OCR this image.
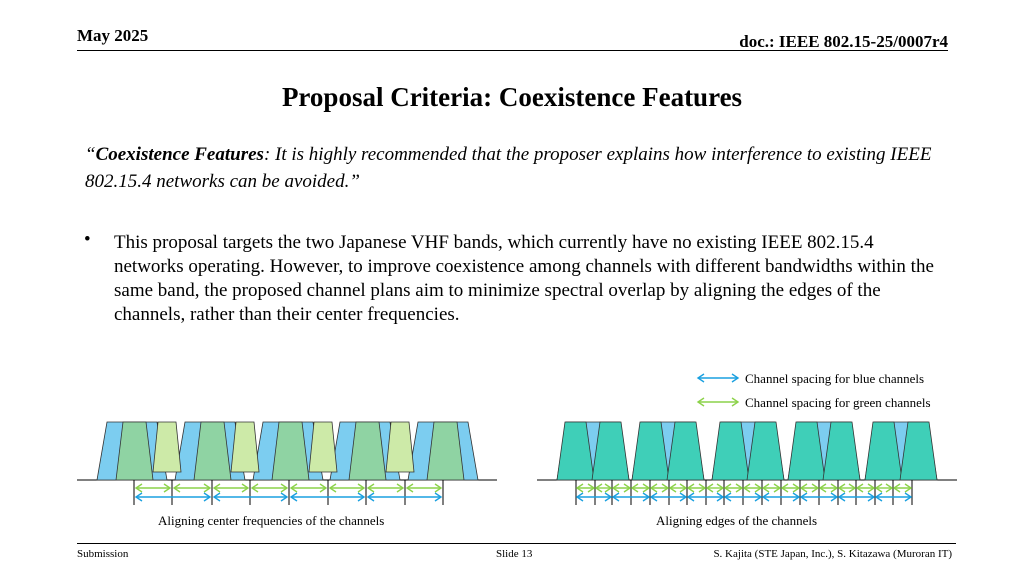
May 2025	doc.: IEEE 802.15-25/0007r4
Proposal Criteria: Coexistence Features
“Coexistence Features: It is highly recommended that the proposer explains how interference to existing IEEE 802.15.4 networks can be avoided.”
• This proposal targets the two Japanese VHF bands, which currently have no existing IEEE 802.15.4 networks operating. However, to improve coexistence among channels with different bandwidths within the same band, the proposed channel plans aim to minimize spectral overlap by aligning the edges of the channels, rather than their center frequencies.
Channel spacing for blue channels
Channel spacing for green channels
Aligning center frequencies of the channels	Aligning edges of the channels
Submission	Slide 13	S. Kajita (STE Japan, Inc.), S. Kitazawa (Muroran IT)
